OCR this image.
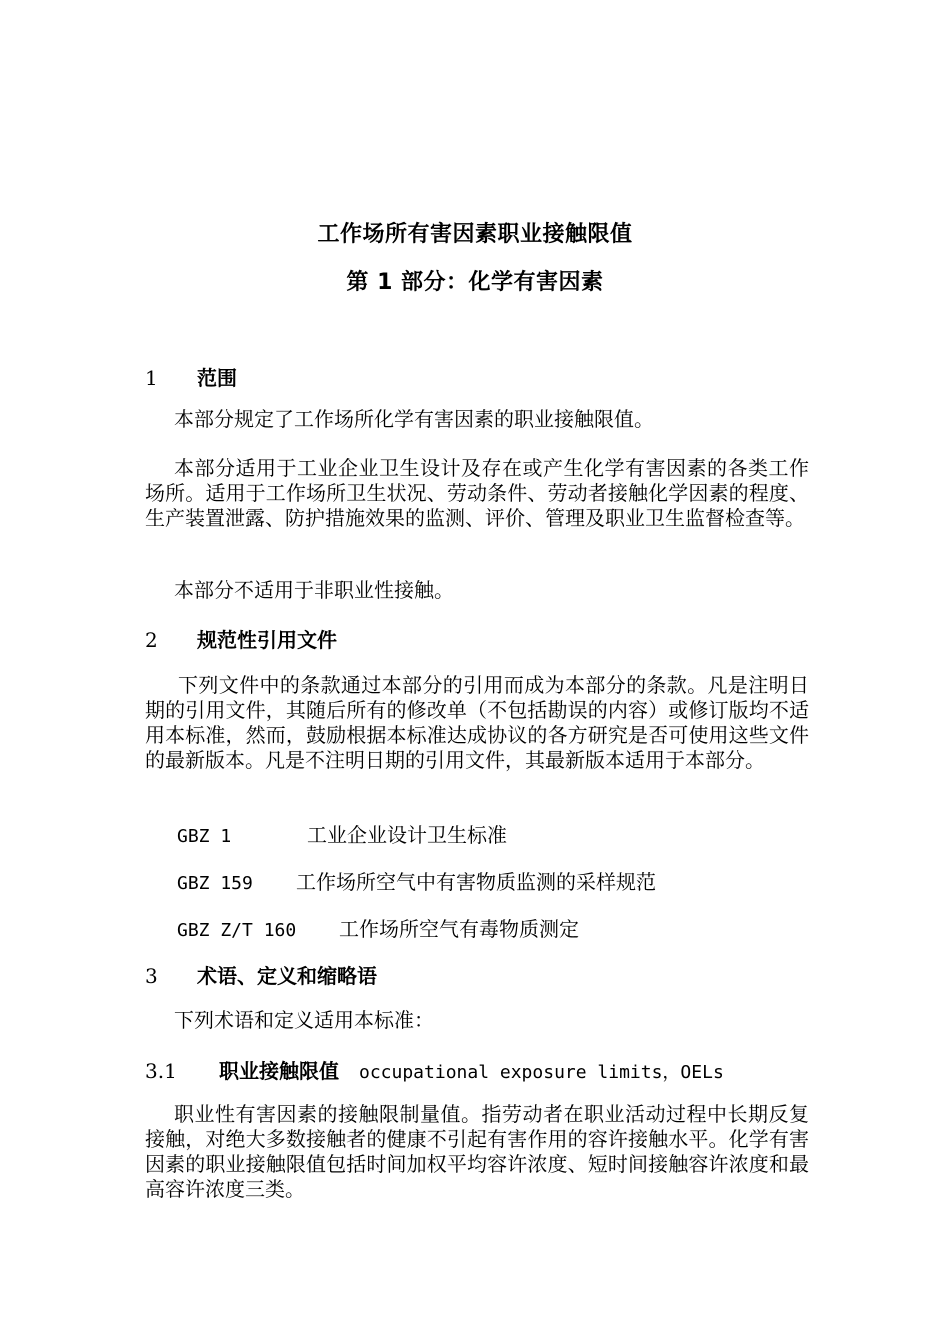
工作场所有害因素职业接触限值
第 1 部分：化学有害因素
1 范围
本部分规定了工作场所化学有害因素的职业接触限值。
本部分适用于工业企业卫生设计及存在或产生化学有害因素的各类工作场所。适用于工作场所卫生状况、劳动条件、劳动者接触化学因素的程度、生产装置泄露、防护措施效果的监测、评价、管理及职业卫生监督检查等。
本部分不适用于非职业性接触。
2 规范性引用文件
下列文件中的条款通过本部分的引用而成为本部分的条款。凡是注明日期的引用文件，其随后所有的修改单（不包括勘误的内容）或修订版均不适用本标准，然而，鼓励根据本标准达成协议的各方研究是否可使用这些文件的最新版本。凡是不注明日期的引用文件，其最新版本适用于本部分。
GBZ 1	工业企业设计卫生标准
GBZ 159 工作场所空气中有害物质监测的采样规范
GBZ Z/T 160 工作场所空气有毒物质测定
3 术语、定义和缩略语
下列术语和定义适用本标准：
3.1 职业接触限值 occupational exposure limits，OELs
职业性有害因素的接触限制量值。指劳动者在职业活动过程中长期反复接触，对绝大多数接触者的健康不引起有害作用的容许接触水平。化学有害因素的职业接触限值包括时间加权平均容许浓度、短时间接触容许浓度和最高容许浓度三类。
